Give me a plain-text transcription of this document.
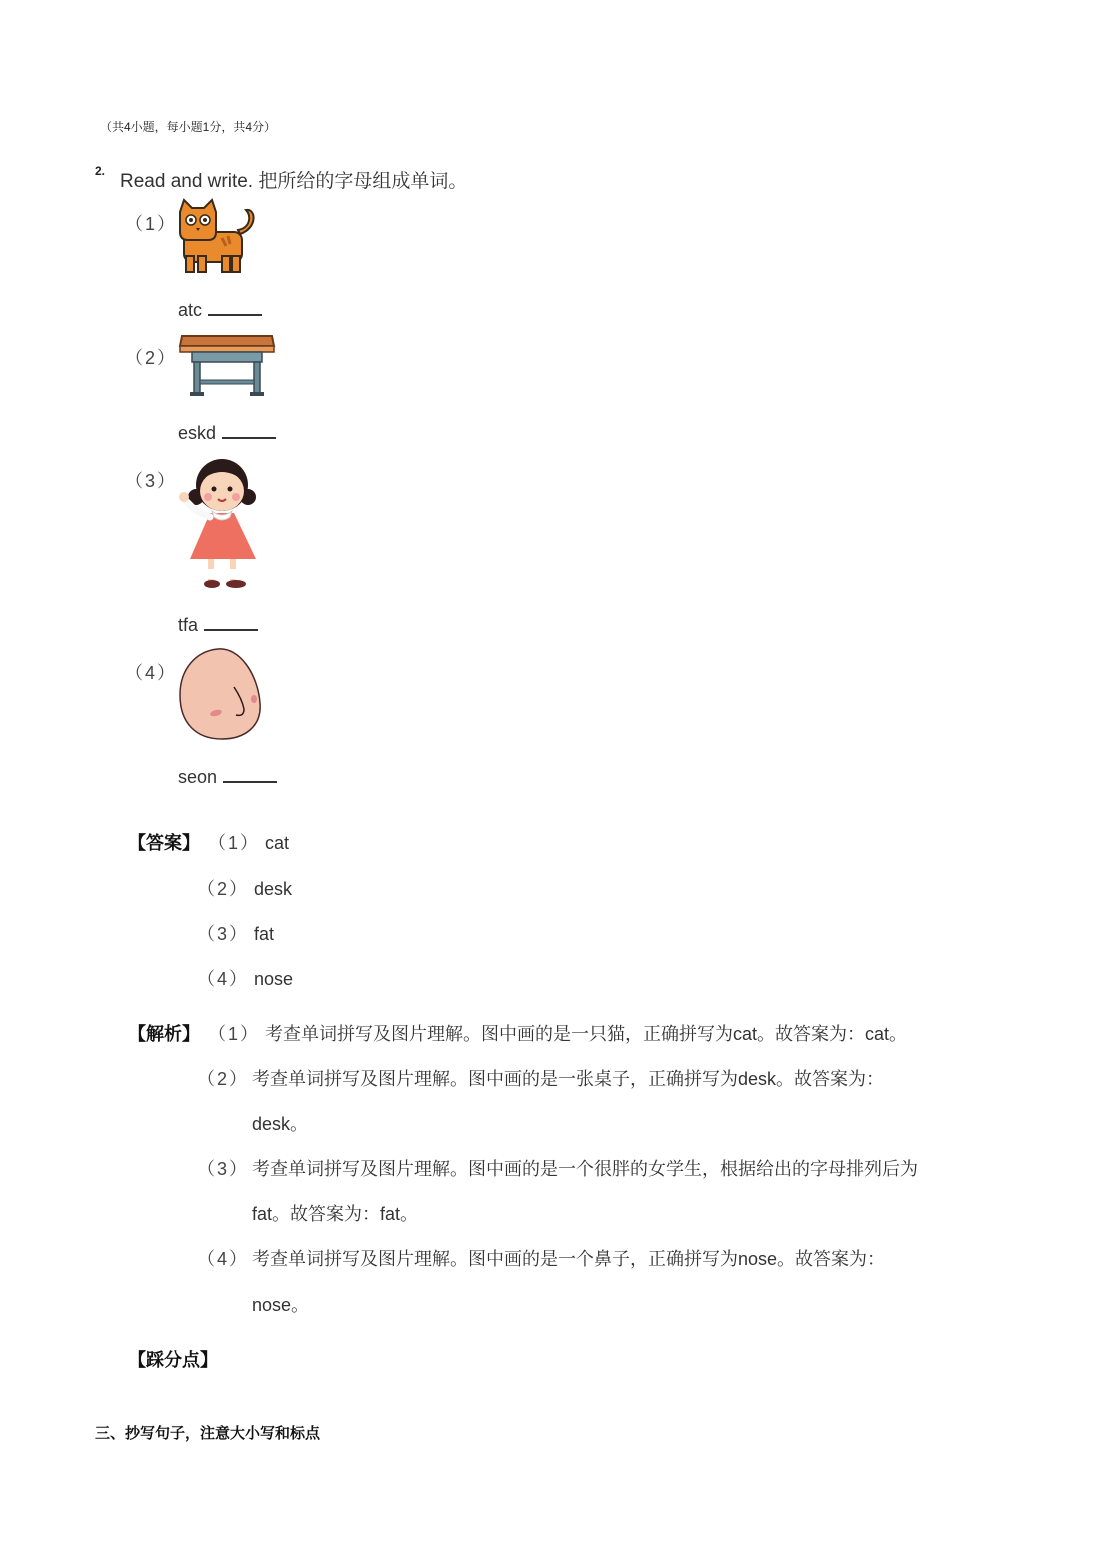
（共4小题，每小题1分，共4分）
2. Read and write. 把所给的字母组成单词。
（1）
atc
（2）
eskd
（3）
tfa
（4）
seon
【答案】 （1） cat
（2） desk
（3） fat
（4） nose
【解析】 （1） 考查单词拼写及图片理解。图中画的是一只猫，正确拼写为cat。故答案为：cat。
（2） 考查单词拼写及图片理解。图中画的是一张桌子，正确拼写为desk。故答案为：
desk。
（3） 考查单词拼写及图片理解。图中画的是一个很胖的女学生，根据给出的字母排列后为
fat。故答案为：fat。
（4） 考查单词拼写及图片理解。图中画的是一个鼻子，正确拼写为nose。故答案为：
nose。
【踩分点】
三、抄写句子，注意大小写和标点
